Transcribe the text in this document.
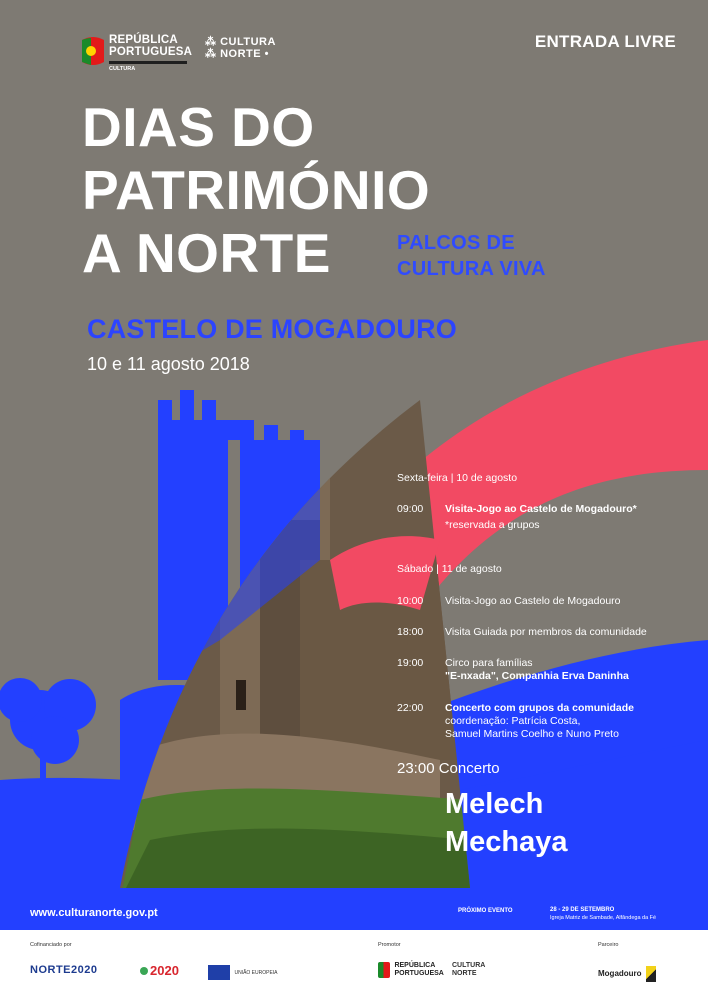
REPÚBLICA
PORTUGUESA
CULTURA
⁂ CULTURA
⁂ NORTE •
ENTRADA LIVRE
DIAS DO
PATRIMÓNIO
A NORTE	PALCOS DE
CULTURA VIVA
CASTELO DE MOGADOURO
10 e 11 agosto 2018
Sexta-feira | 10 de agosto
09:00 Visita-Jogo ao Castelo de Mogadouro*
*reservada a grupos
Sábado | 11 de agosto
10:00 Visita-Jogo ao Castelo de Mogadouro
18:00 Visita Guiada por membros da comunidade
19:00 Circo para famílias
"E-nxada", Companhia Erva Daninha
22:00 Concerto com grupos da comunidade
coordenação: Patrícia Costa,
Samuel Martins Coelho e Nuno Preto
23:00 Concerto
Melech
Mechaya
www.culturanorte.gov.pt	PRÓXIMO EVENTO	28 - 29 DE SETEMBRO
Igreja Matriz de Sambade, Alfândega da Fé
Cofinanciado por
NORTE2020	2020	UNIÃO EUROPEIA
Promotor

REPÚBLICA
PORTUGUESA
CULTURA
NORTE
Parceiro
Mogadouro
